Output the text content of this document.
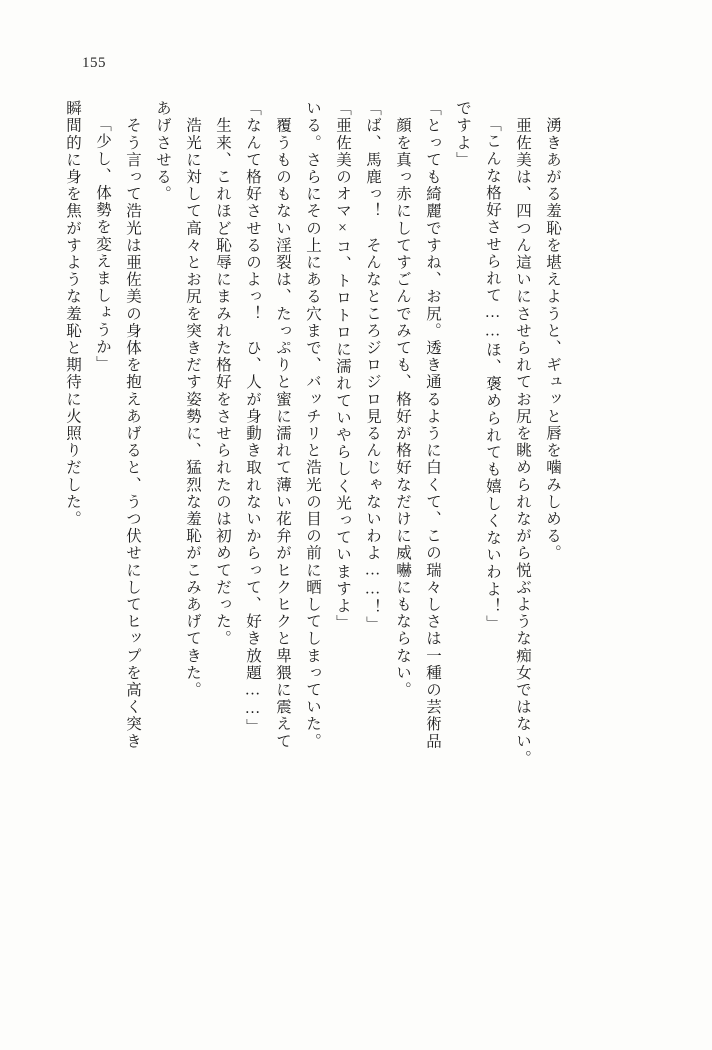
155
瞬間的に身を焦がすような羞恥と期待に火照りだした。 「少し、体勢を変えましょうか」 　そう言って浩光は亜佐美の身体を抱えあげると、うつ伏せにしてヒップを高く突き あげさせる。 　浩光に対して高々とお尻を突きだす姿勢に、猛烈な羞恥がこみあげてきた。 　生来、これほど恥辱にまみれた格好をさせられたのは初めてだった。 「なんて格好させるのよっ！　ひ、人が身動き取れないからって、好き放題……」 　覆うものもない淫裂は、たっぷりと蜜に濡れて薄い花弁がヒクヒクと卑猥に震えて いる。さらにその上にある穴まで、バッチリと浩光の目の前に晒してしまっていた。 「亜佐美のオマ×コ、トロトロに濡れていやらしく光っていますよ」 「ば、馬鹿っ！　そんなところジロジロ見るんじゃないわよ……！」 　顔を真っ赤にしてすごんでみても、格好が格好なだけに威嚇にもならない。 「とっても綺麗ですね、お尻。透き通るように白くて、この瑞々しさは一種の芸術品 ですよ」 「こんな格好させられて……ほ、褒められても嬉しくないわよ！」 　亜佐美は、四つん這いにさせられてお尻を眺められながら悦ぶような痴女ではない。 　湧きあがる羞恥を堪えようと、ギュッと唇を噛みしめる。
